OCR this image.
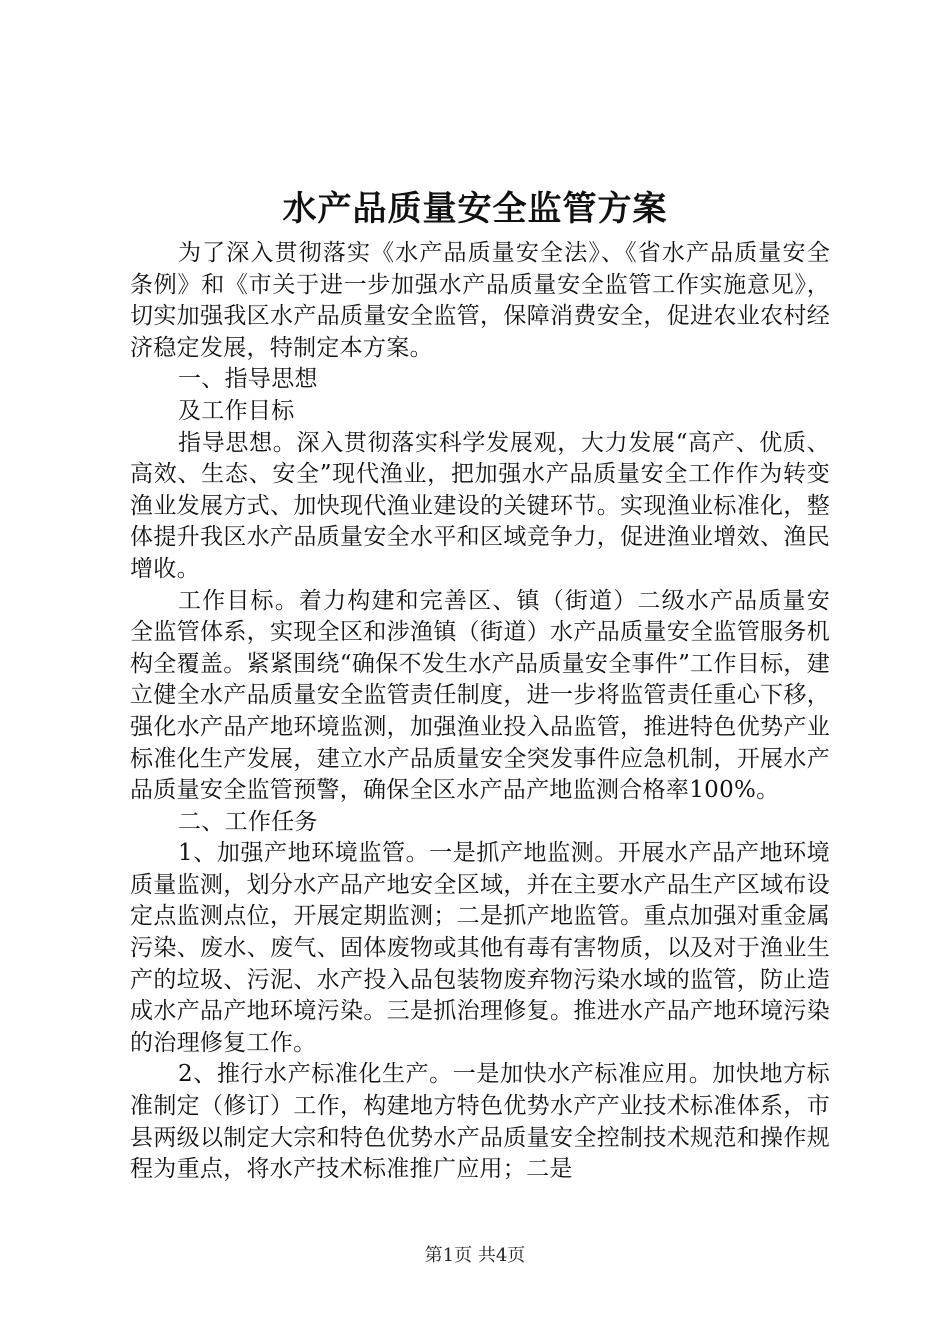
水产品质量安全监管方案

为了深入贯彻落实《水产品质量安全法》、《省水产品质量安全条例》和《市关于进一步加强水产品质量安全监管工作实施意见》，切实加强我区水产品质量安全监管，保障消费安全，促进农业农村经济稳定发展，特制定本方案。

一、指导思想

及工作目标

指导思想。深入贯彻落实科学发展观，大力发展“高产、优质、高效、生态、安全”现代渔业，把加强水产品质量安全工作作为转变渔业发展方式、加快现代渔业建设的关键环节。实现渔业标准化，整体提升我区水产品质量安全水平和区域竞争力，促进渔业增效、渔民增收。

工作目标。着力构建和完善区、镇（街道）二级水产品质量安全监管体系，实现全区和涉渔镇（街道）水产品质量安全监管服务机构全覆盖。紧紧围绕“确保不发生水产品质量安全事件”工作目标，建立健全水产品质量安全监管责任制度，进一步将监管责任重心下移，强化水产品产地环境监测，加强渔业投入品监管，推进特色优势产业标准化生产发展，建立水产品质量安全突发事件应急机制，开展水产品质量安全监管预警，确保全区水产品产地监测合格率100%。

二、工作任务

1、加强产地环境监管。一是抓产地监测。开展水产品产地环境质量监测，划分水产品产地安全区域，并在主要水产品生产区域布设定点监测点位，开展定期监测；二是抓产地监管。重点加强对重金属污染、废水、废气、固体废物或其他有毒有害物质，以及对于渔业生产的垃圾、污泥、水产投入品包装物废弃物污染水域的监管，防止造成水产品产地环境污染。三是抓治理修复。推进水产品产地环境污染的治理修复工作。

2、推行水产标准化生产。一是加快水产标准应用。加快地方标准制定（修订）工作，构建地方特色优势水产产业技术标准体系，市县两级以制定大宗和特色优势水产品质量安全控制技术规范和操作规程为重点，将水产技术标准推广应用；二是

第1页 共4页
